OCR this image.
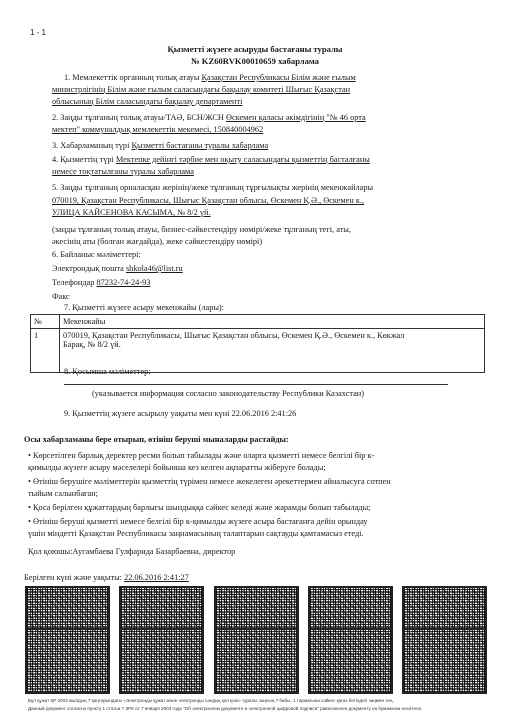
1 - 1
Қызметті жүзеге асыруды бастағаны туралы
№ KZ60RVK00010659 хабарлама
1. Мемлекеттік органның толық атауы Қазақстан Республикасы Білім және ғылым
министрлігінің Білім және ғылым саласындағы бақылау комитеті Шығыс Қазақстан
облысының Білім саласындағы бақылау департаменті
2. Заңды тұлғаның толық атауы/ТАӘ, БСН/ЖСН Өскемен қаласы әкімдігінің "№ 46 орта
мектеп" коммуналдық мемлекеттік мекемесі, 150840004962
3. Хабарламаның түрі Қызметті бастағаны туралы хабарлама
4. Қызметтің түрі Мектепке дейінгі тәрбие мен оқыту саласындағы қызметтің басталғаны
немесе тоқтатылғаны туралы хабарлама
5. Заңды тұлғаның орналасқан жерінің/жеке тұлғаның тұрғылықты жерінің мекенжайлары
070019, Қазақстан Республикасы, Шығыс Қазақстан облысы, Өскемен Қ.Ә., Өскемен к.,
УЛИЦА КАЙСЕНОВА КАСЫМА, № 8/2 үй.
(заңды тұлғаның толық атауы, бизнес-сәйкестендіру нөмірі/жеке тұлғаның тегі, аты,
әкесінің аты (болған жағдайда), жеке сәйкестендіру нөмірі)
6. Байланыс мәліметтері:
Электрондық пошта shkola46@list.ru
Телефондар 87232-74-24-93
Факс
7. Қызметті жүзеге асыру мекенжайы (лары):
№	Мекенжайы
1	070019, Қазақстан Республикасы, Шығыс Қазақстан облысы, Өскемен Қ.Ә., Өскемен к., Көкжал
Барақ, № 8/2 үй.
8. Қосымша мәліметтер:
(указывается информация согласно законодательству Республики Казахстан)
9. Қызметтің жүзеге асырылу уақыты мен күні 22.06.2016 2:41:26
Осы хабарламаны бере отырып, өтініш беруші мыналарды растайды:
• Көрсетілген барлық деректер ресми болып табылады және оларға қызметті немесе белгілі бір к-
қимылды жүзеге асыру мәселелері бойынша кез келген ақпаратты жіберуге болады;
• Өтініш берушіге мәліметтерін қызметтің түрімен немесе жекелеген әрекеттермен айналысуға сотпен
тыйым салынбаған;
• Қоса берілген құжаттардың барлығы шындыққа сәйкес келеді және жарамды болып табылады;
• Өтініш беруші қызметті немесе белгілі бір к-қимылды жүзеге асыра бастағанға дейін орындау
үшін міндетті Қазақстан Республикасы заңнамасының талаптарын сақтауды қамтамасыз етеді.
Қол қоюшы:Аугамбаева Гулфарида Базарбаевна, директор
Берілген күні және уақыты: 22.06.2016 2:41:27
Бұл құжат ҚР 2003 жылдың 7 қаңтарындағы «Электронды құжат және электронды сандық қол қою» туралы заңның 7 бабы, 1 тармағына сәйкес қағаз бетіндегі заңмен тең.
Данный документ согласно пункту 1 статьи 7 ЗРК от 7 января 2003 года "Об электронном документе и электронной цифровой подписи" равнозначен документу на бумажном носителе.
